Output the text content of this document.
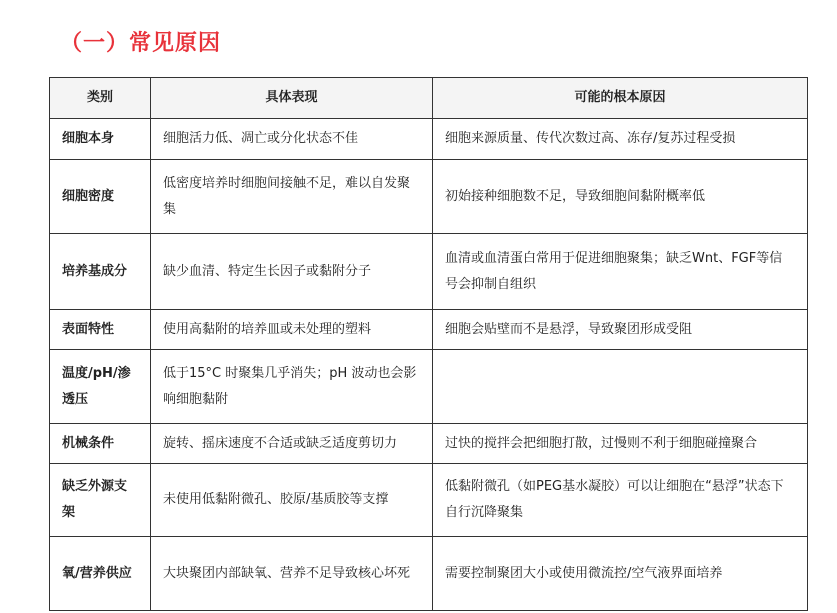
（一）常见原因
类别	具体表现	可能的根本原因
细胞本身	细胞活力低、凋亡或分化状态不佳	细胞来源质量、传代次数过高、冻存/复苏过程受损
细胞密度	低密度培养时细胞间接触不足，难以自发聚集	初始接种细胞数不足，导致细胞间黏附概率低
培养基成分	缺少血清、特定生长因子或黏附分子	血清或血清蛋白常用于促进细胞聚集；缺乏Wnt、FGF等信号会抑制自组织
表面特性	使用高黏附的培养皿或未处理的塑料	细胞会贴壁而不是悬浮，导致聚团形成受阻
温度/pH/渗透压	低于15°C 时聚集几乎消失；pH 波动也会影响细胞黏附	
机械条件	旋转、摇床速度不合适或缺乏适度剪切力	过快的搅拌会把细胞打散，过慢则不利于细胞碰撞聚合
缺乏外源支架	未使用低黏附微孔、胶原/基质胶等支撑	低黏附微孔（如PEG基水凝胶）可以让细胞在“悬浮”状态下自行沉降聚集
氧/营养供应	大块聚团内部缺氧、营养不足导致核心坏死	需要控制聚团大小或使用微流控/空气液界面培养
